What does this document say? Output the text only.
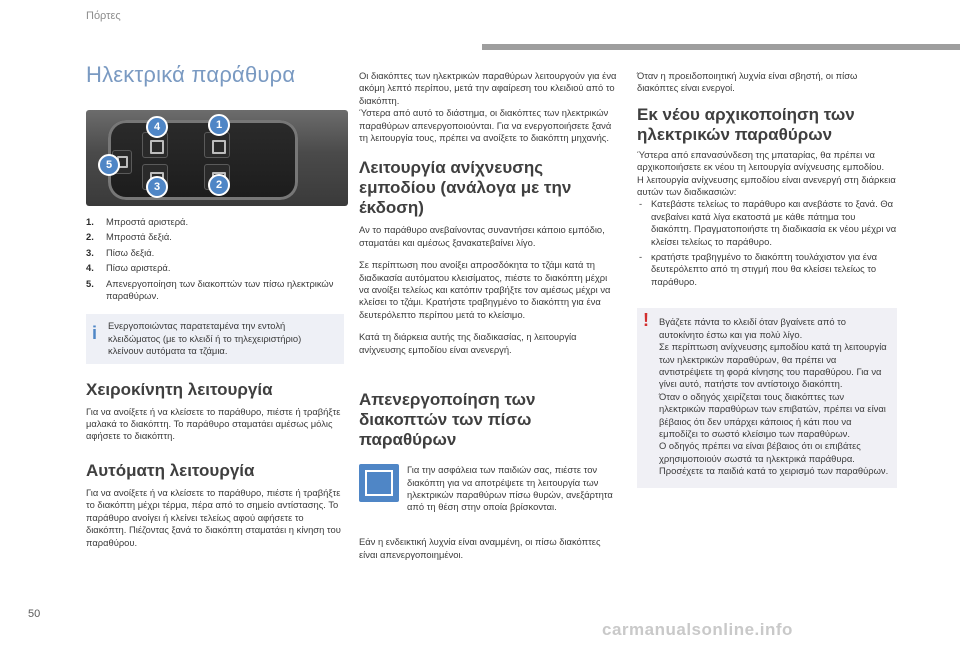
Πόρτες
Ηλεκτρικά παράθυρα
4	1
5
3	2
1. Μπροστά αριστερά.
2. Μπροστά δεξιά.
3. Πίσω δεξιά.
4. Πίσω αριστερά.
5. Απενεργοποίηση των διακοπτών των πίσω ηλεκτρικών παραθύρων.
i Ενεργοποιώντας παρατεταμένα την εντολή κλειδώματος (με το κλειδί ή το τηλεχειριστήριο) κλείνουν αυτόματα τα τζάμια.
Χειροκίνητη λειτουργία

Για να ανοίξετε ή να κλείσετε το παράθυρο, πιέστε ή τραβήξτε μαλακά το διακόπτη. Το παράθυρο σταματάει αμέσως μόλις αφήσετε το διακόπτη.

Αυτόματη λειτουργία

Για να ανοίξετε ή να κλείσετε το παράθυρο, πιέστε ή τραβήξτε το διακόπτη μέχρι τέρμα, πέρα από το σημείο αντίστασης. Το παράθυρο ανοίγει ή κλείνει τελείως αφού αφήσετε το διακόπτη. Πιέζοντας ξανά το διακόπτη σταματάει η κίνηση του παραθύρου.

Οι διακόπτες των ηλεκτρικών παραθύρων λειτουργούν για ένα ακόμη λεπτό περίπου, μετά την αφαίρεση του κλειδιού από το διακόπτη.

Ύστερα από αυτό το διάστημα, οι διακόπτες των ηλεκτρικών παραθύρων απενεργοποιούνται. Για να ενεργοποιήσετε ξανά τη λειτουργία τους, πρέπει να ανοίξετε το διακόπτη μηχανής.

Λειτουργία ανίχνευσης εμποδίου (ανάλογα με την έκδοση)

Αν το παράθυρο ανεβαίνοντας συναντήσει κάποιο εμπόδιο, σταματάει και αμέσως ξανακατεβαίνει λίγο.

Σε περίπτωση που ανοίξει απροσδόκητα το τζάμι κατά τη διαδικασία αυτόματου κλεισίματος, πιέστε το διακόπτη μέχρι να ανοίξει τελείως και κατόπιν τραβήξτε τον αμέσως μέχρι να κλείσει το τζάμι. Κρατήστε τραβηγμένο το διακόπτη για ένα δευτερόλεπτο περίπου μετά το κλείσιμο.

Κατά τη διάρκεια αυτής της διαδικασίας, η λειτουργία ανίχνευσης εμποδίου είναι ανενεργή.

Απενεργοποίηση των διακοπτών των πίσω παραθύρων
Για την ασφάλεια των παιδιών σας, πιέστε τον διακόπτη για να αποτρέψετε τη λειτουργία των ηλεκτρικών παραθύρων πίσω θυρών, ανεξάρτητα από τη θέση στην οποία βρίσκονται.

Εάν η ενδεικτική λυχνία είναι αναμμένη, οι πίσω διακόπτες είναι απενεργοποιημένοι.

Όταν η προειδοποιητική λυχνία είναι σβηστή, οι πίσω διακόπτες είναι ενεργοί.

Εκ νέου αρχικοποίηση των ηλεκτρικών παραθύρων

Ύστερα από επανασύνδεση της μπαταρίας, θα πρέπει να αρχικοποιήσετε εκ νέου τη λειτουργία ανίχνευσης εμποδίου.

Η λειτουργία ανίχνευσης εμποδίου είναι ανενεργή στη διάρκεια αυτών των διαδικασιών:

- Κατεβάστε τελείως το παράθυρο και ανεβάστε το ξανά. Θα ανεβαίνει κατά λίγα εκατοστά με κάθε πάτημα του διακόπτη. Πραγματοποιήστε τη διαδικασία εκ νέου μέχρι να κλείσει τελείως το παράθυρο.
- κρατήστε τραβηγμένο το διακόπτη τουλάχιστον για ένα δευτερόλεπτο από τη στιγμή που θα κλείσει τελείως το παράθυρο.
! Βγάζετε πάντα το κλειδί όταν βγαίνετε από το αυτοκίνητο έστω και για πολύ λίγο.
Σε περίπτωση ανίχνευσης εμποδίου κατά τη λειτουργία των ηλεκτρικών παραθύρων, θα πρέπει να αντιστρέψετε τη φορά κίνησης του παραθύρου. Για να γίνει αυτό, πατήστε τον αντίστοιχο διακόπτη.
Όταν ο οδηγός χειρίζεται τους διακόπτες των ηλεκτρικών παραθύρων των επιβατών, πρέπει να είναι βέβαιος ότι δεν υπάρχει κάποιος ή κάτι που να εμποδίζει το σωστό κλείσιμο των παραθύρων.
Ο οδηγός πρέπει να είναι βέβαιος ότι οι επιβάτες χρησιμοποιούν σωστά τα ηλεκτρικά παράθυρα.
Προσέχετε τα παιδιά κατά το χειρισμό των παραθύρων.
50
carmanualsonline.info
